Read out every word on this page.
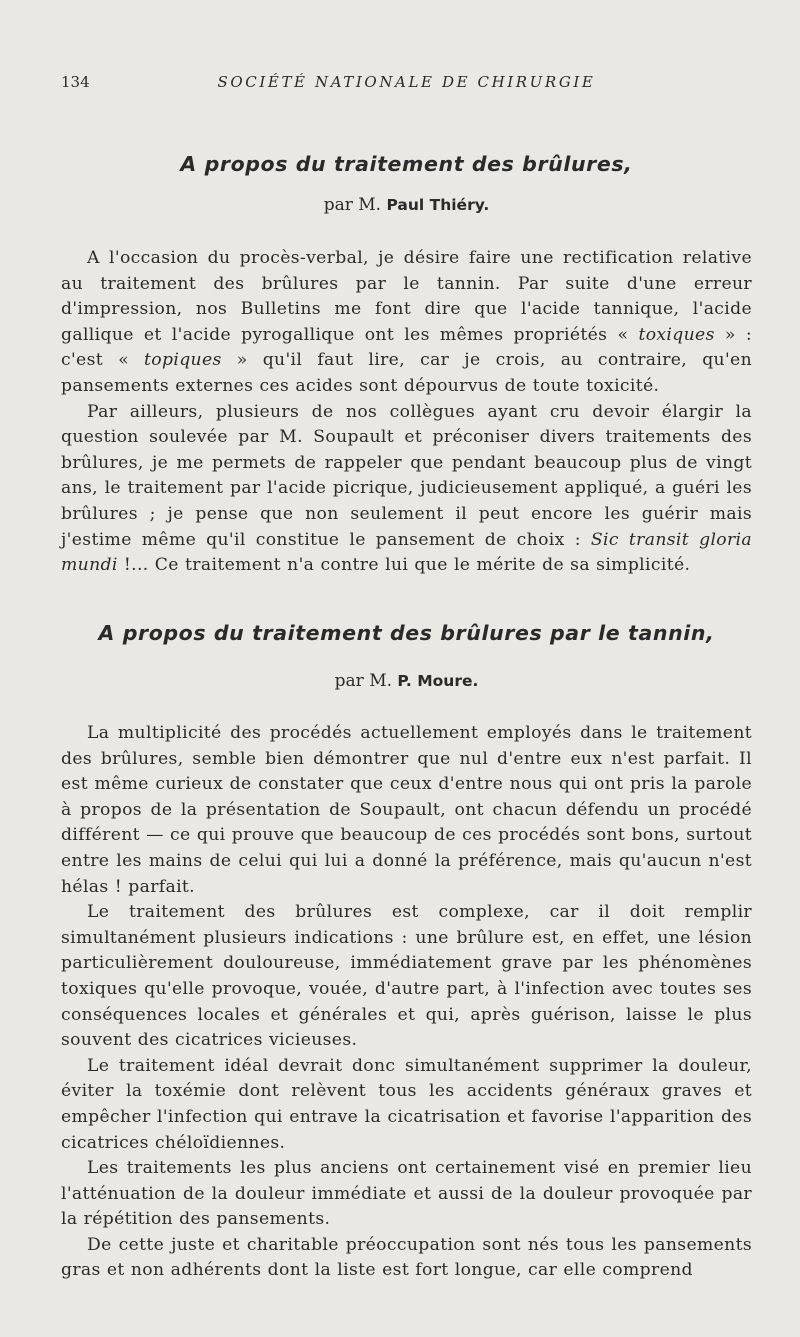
134	SOCIÉTÉ NATIONALE DE CHIRURGIE
A propos du traitement des brûlures,

par M. Paul Thiéry.

A l'occasion du procès-verbal, je désire faire une rectification relative au traitement des brûlures par le tannin. Par suite d'une erreur d'impression, nos Bulletins me font dire que l'acide tannique, l'acide gallique et l'acide pyrogallique ont les mêmes propriétés « toxiques » : c'est « topiques » qu'il faut lire, car je crois, au contraire, qu'en pansements externes ces acides sont dépourvus de toute toxicité.

Par ailleurs, plusieurs de nos collègues ayant cru devoir élargir la question soulevée par M. Soupault et préconiser divers traitements des brûlures, je me permets de rappeler que pendant beaucoup plus de vingt ans, le traitement par l'acide picrique, judicieusement appliqué, a guéri les brûlures ; je pense que non seulement il peut encore les guérir mais j'estime même qu'il constitue le pansement de choix : Sic transit gloria mundi !... Ce traitement n'a contre lui que le mérite de sa simplicité.

A propos du traitement des brûlures par le tannin,

par M. P. Moure.

La multiplicité des procédés actuellement employés dans le traitement des brûlures, semble bien démontrer que nul d'entre eux n'est parfait. Il est même curieux de constater que ceux d'entre nous qui ont pris la parole à propos de la présentation de Soupault, ont chacun défendu un procédé différent — ce qui prouve que beaucoup de ces procédés sont bons, surtout entre les mains de celui qui lui a donné la préférence, mais qu'aucun n'est hélas ! parfait.

Le traitement des brûlures est complexe, car il doit remplir simultanément plusieurs indications : une brûlure est, en effet, une lésion particulièrement douloureuse, immédiatement grave par les phénomènes toxiques qu'elle provoque, vouée, d'autre part, à l'infection avec toutes ses conséquences locales et générales et qui, après guérison, laisse le plus souvent des cicatrices vicieuses.

Le traitement idéal devrait donc simultanément supprimer la douleur, éviter la toxémie dont relèvent tous les accidents généraux graves et empêcher l'infection qui entrave la cicatrisation et favorise l'apparition des cicatrices chéloïdiennes.

Les traitements les plus anciens ont certainement visé en premier lieu l'atténuation de la douleur immédiate et aussi de la douleur provoquée par la répétition des pansements.

De cette juste et charitable préoccupation sont nés tous les pansements gras et non adhérents dont la liste est fort longue, car elle comprend
